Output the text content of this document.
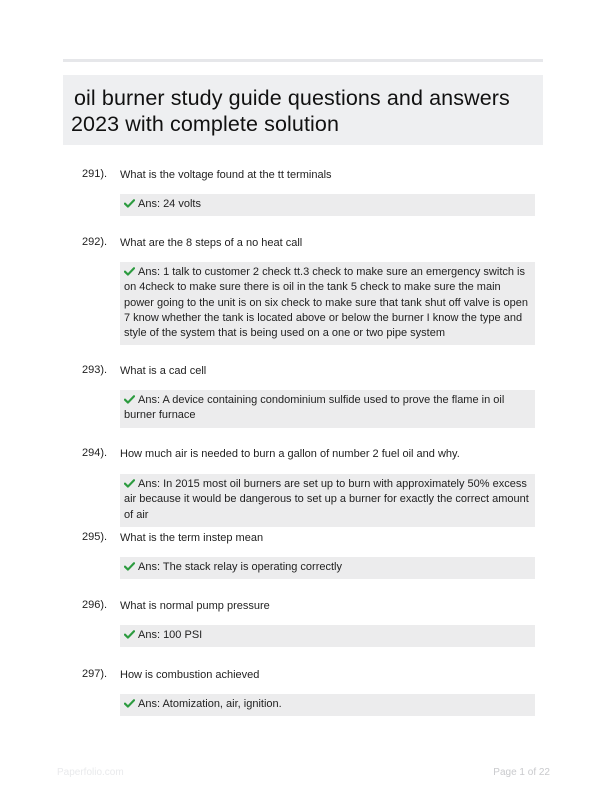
oil burner study guide questions and answers
2023 with complete solution
291). What is the voltage found at the tt terminals
Ans: 24 volts
292). What are the 8 steps of a no heat call
Ans: 1 talk to customer 2 check tt.3 check to make sure an emergency switch is on 4check to make sure there is oil in the tank 5 check to make sure the main power going to the unit is on six check to make sure that tank shut off valve is open 7 know whether the tank is located above or below the burner I know the type and style of the system that is being used on a one or two pipe system
293). What is a cad cell
Ans: A device containing condominium sulfide used to prove the flame in oil burner furnace
294). How much air is needed to burn a gallon of number 2 fuel oil and why.
Ans: In 2015 most oil burners are set up to burn with approximately 50% excess air because it would be dangerous to set up a burner for exactly the correct amount of air
295). What is the term instep mean
Ans: The stack relay is operating correctly
296). What is normal pump pressure
Ans: 100 PSI
297). How is combustion achieved
Ans: Atomization, air, ignition.
Paperfolio.com	Page 1 of 22
